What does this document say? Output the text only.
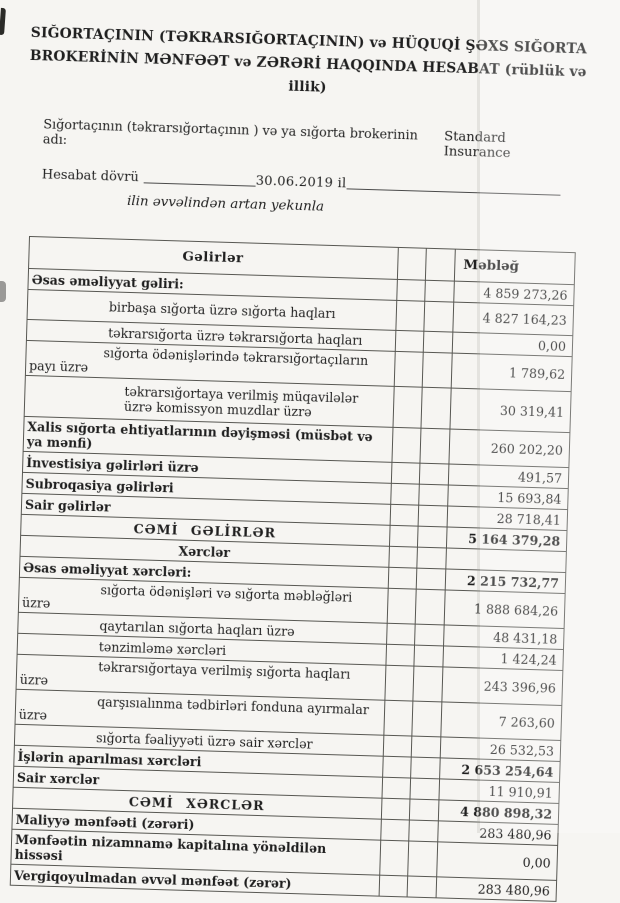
SIĞORTAÇININ (TƏKRARSIĞORTAÇININ) və HÜQUQİ ŞƏXS SIĞORTA
BROKERİNİN MƏNFƏƏT və ZƏRƏRİ HAQQINDA HESABAT (rüblük və illik)
Sığortaçının (təkrarsığortaçının ) və ya sığorta brokerinin adı:	Standard Insurance
Hesabat dövrü	30.06.2019 il
ilin əvvəlindən artan yekunla
Gəlirlər			Məbləğ
Əsas əməliyyat gəliri:			4 859 273,26
birbaşa sığorta üzrə sığorta haqları			4 827 164,23
təkrarsığorta üzrə təkrarsığorta haqları			0,00
sığorta ödənişlərində təkrarsığortaçıların payı üzrə			1 789,62
təkrarsığortaya verilmiş müqavilələr üzrə komissyon muzdlar üzrə			30 319,41
Xalis sığorta ehtiyatlarının dəyişməsi (müsbət və ya mənfi)			260 202,20
İnvestisiya gəlirləri üzrə			491,57
Subroqasiya gəlirləri			15 693,84
Sair gəlirlər			28 718,41
CƏMİ GƏLİRLƏR			5 164 379,28
Xərclər			
Əsas əməliyyat xərcləri:			2 215 732,77
sığorta ödənişləri və sığorta məbləğləri üzrə			1 888 684,26
qaytarılan sığorta haqları üzrə			48 431,18
tənzimləmə xərcləri			1 424,24
təkrarsığortaya verilmiş sığorta haqları üzrə			243 396,96
qarşısıalınma tədbirləri fonduna ayırmalar üzrə			7 263,60
sığorta fəaliyyəti üzrə sair xərclər			26 532,53
İşlərin aparılması xərcləri			2 653 254,64
Sair xərclər			11 910,91
CƏMİ XƏRCLƏR			4 880 898,32
Maliyyə mənfəəti (zərəri)			283 480,96
Mənfəətin nizamnamə kapitalına yönəldilən hissəsi			0,00
Vergiqoyulmadan əvvəl mənfəət (zərər)			283 480,96
